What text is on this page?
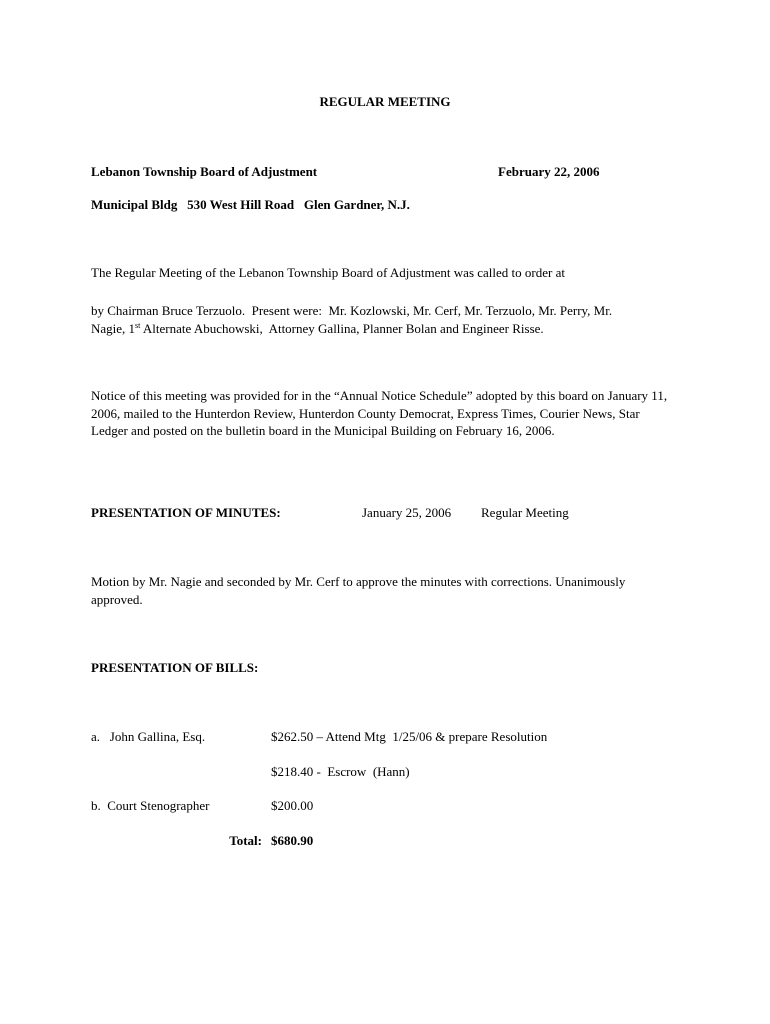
REGULAR MEETING
Lebanon Township Board of Adjustment	February 22, 2006
Municipal Bldg   530 West Hill Road   Glen Gardner, N.J.
The Regular Meeting of the Lebanon Township Board of Adjustment was called to order at
by Chairman Bruce Terzuolo.  Present were:  Mr. Kozlowski, Mr. Cerf, Mr. Terzuolo, Mr. Perry, Mr.
Nagie, 1st Alternate Abuchowski,  Attorney Gallina, Planner Bolan and Engineer Risse.
Notice of this meeting was provided for in the “Annual Notice Schedule” adopted by this board on January 11, 2006, mailed to the Hunterdon Review, Hunterdon County Democrat, Express Times, Courier News, Star Ledger and posted on the bulletin board in the Municipal Building on February 16, 2006.
PRESENTATION OF MINUTES:	January 25, 2006 Regular Meeting
Motion by Mr. Nagie and seconded by Mr. Cerf to approve the minutes with corrections. Unanimously approved.
PRESENTATION OF BILLS:
a.   John Gallina, Esq.	$262.50 – Attend Mtg  1/25/06 & prepare Resolution
$218.40 -  Escrow  (Hann)
b.  Court Stenographer	$200.00
Total: $680.90
